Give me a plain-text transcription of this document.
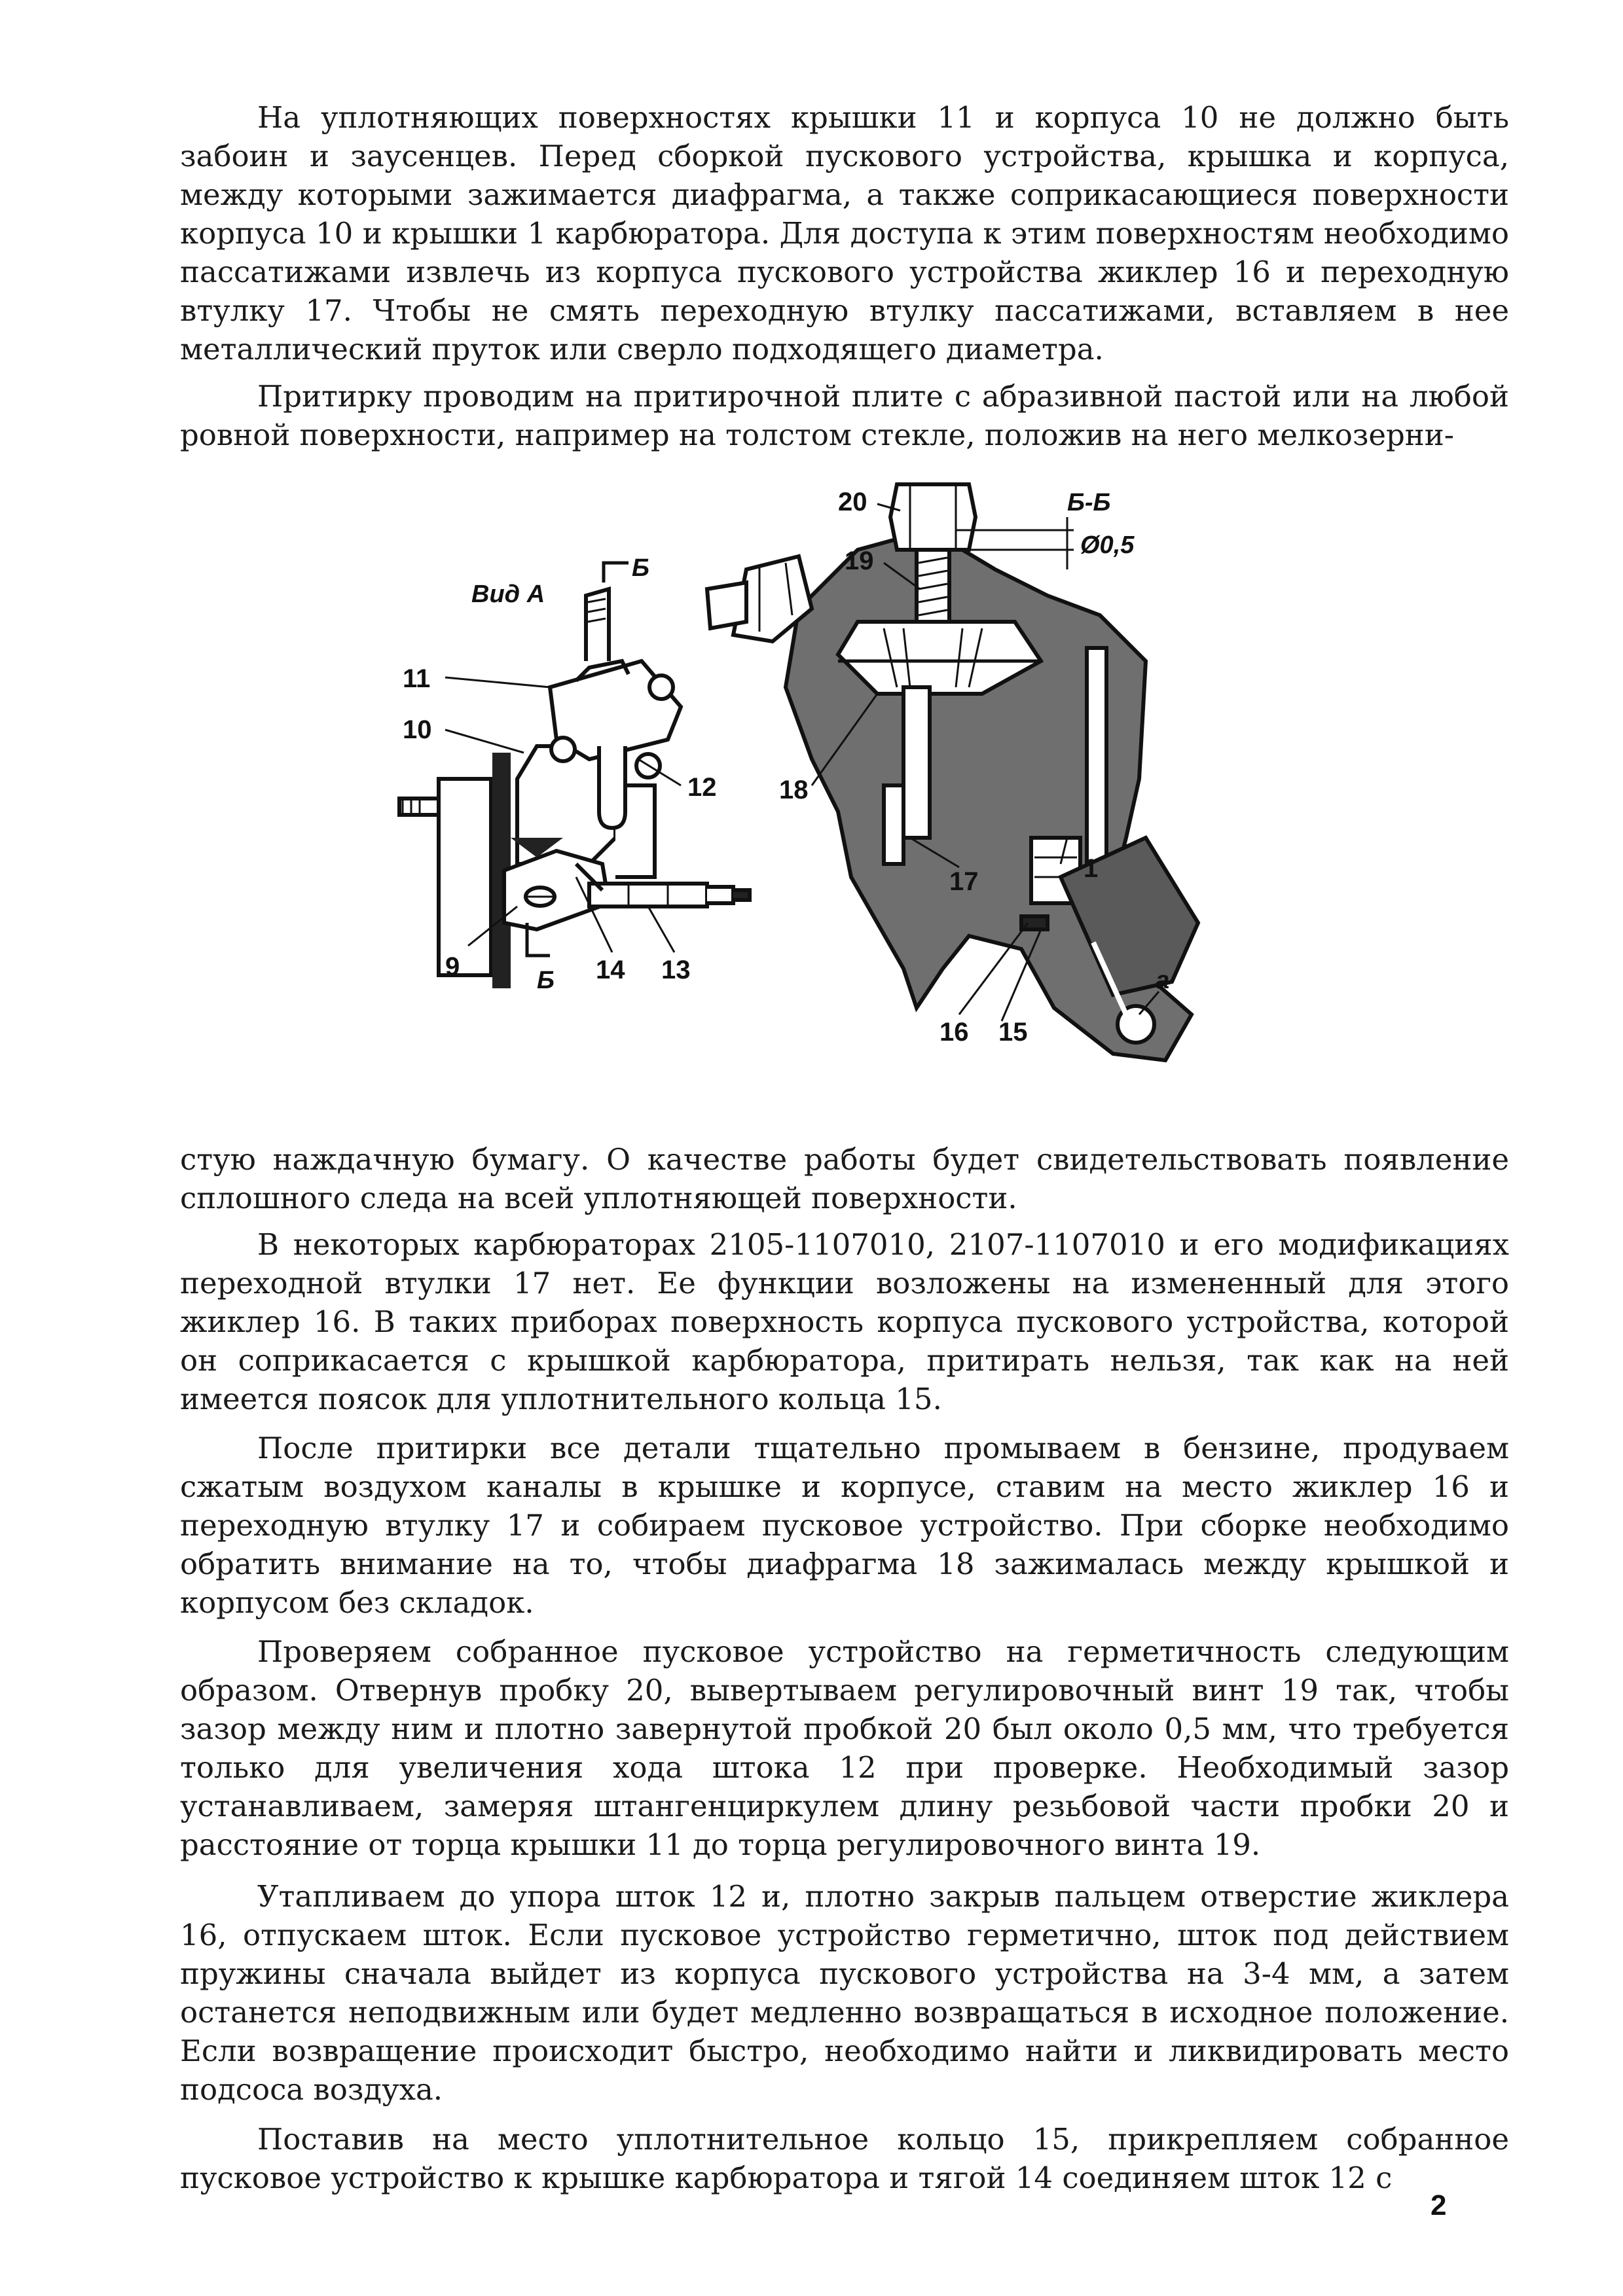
На уплотняющих поверхностях крышки 11 и корпуса 10 не должно быть забоин и заусенцев. Перед сборкой пускового устройства, крышка и корпуса, между которыми зажимается диафрагма, а также соприкасающиеся поверхности корпуса 10 и крышки 1 карбюратора. Для доступа к этим поверхностям необходимо пассатижами извлечь из корпуса пускового устройства жиклер 16 и переходную втулку 17. Чтобы не смять переходную втулку пассатижами, вставляем в нее металлический пруток или сверло подходящего диаметра.

Притирку проводим на притирочной плите с абразивной пастой или на любой ровной поверхности, например на толстом стекле, положив на него мелкозерни-

Вид А
Б
Б
11
10
12
9	14 13
Б-Б
Ø0,5
20
19
18
17	1
16 15
а

стую наждачную бумагу. О качестве работы будет свидетельствовать появление сплошного следа на всей уплотняющей поверхности.

В некоторых карбюраторах 2105-1107010, 2107-1107010 и его модификациях переходной втулки 17 нет. Ее функции возложены на измененный для этого жиклер 16. В таких приборах поверхность корпуса пускового устройства, которой он соприкасается с крышкой карбюратора, притирать нельзя, так как на ней имеется поясок для уплотнительного кольца 15.

После притирки все детали тщательно промываем в бензине, продуваем сжатым воздухом каналы в крышке и корпусе, ставим на место жиклер 16 и переходную втулку 17 и собираем пусковое устройство. При сборке необходимо обратить внимание на то, чтобы диафрагма 18 зажималась между крышкой и корпусом без складок.

Проверяем собранное пусковое устройство на герметичность следующим образом. Отвернув пробку 20, вывертываем регулировочный винт 19 так, чтобы зазор между ним и плотно завернутой пробкой 20 был около 0,5 мм, что требуется только для увеличения хода штока 12 при проверке. Необходимый зазор устанавливаем, замеряя штангенциркулем длину резьбовой части пробки 20 и расстояние от торца крышки 11 до торца регулировочного винта 19.

Утапливаем до упора шток 12 и, плотно закрыв пальцем отверстие жиклера 16, отпускаем шток. Если пусковое устройство герметично, шток под действием пружины сначала выйдет из корпуса пускового устройства на 3-4 мм, а затем останется неподвижным или будет медленно возвращаться в исходное положение. Если возвращение происходит быстро, необходимо найти и ликвидировать место подсоса воздуха.

Поставив на место уплотнительное кольцо 15, прикрепляем собранное пусковое устройство к крышке карбюратора и тягой 14 соединяем шток 12 с

2
